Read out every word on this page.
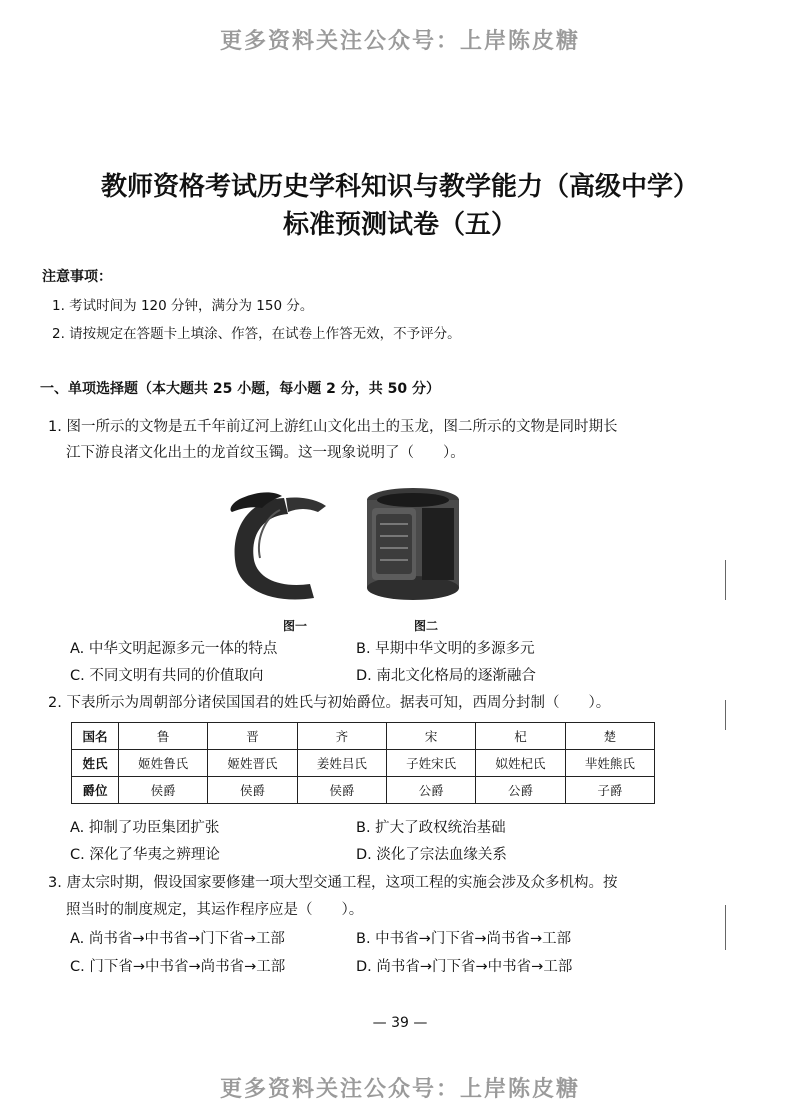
更多资料关注公众号：上岸陈皮糖
教师资格考试历史学科知识与教学能力（高级中学）
标准预测试卷（五）
注意事项：
1. 考试时间为 120 分钟，满分为 150 分。
2. 请按规定在答题卡上填涂、作答，在试卷上作答无效，不予评分。
一、单项选择题（本大题共 25 小题，每小题 2 分，共 50 分）
1. 图一所示的文物是五千年前辽河上游红山文化出土的玉龙，图二所示的文物是同时期长
江下游良渚文化出土的龙首纹玉镯。这一现象说明了（　　）。
图一	图二
A. 中华文明起源多元一体的特点	B. 早期中华文明的多源多元
C. 不同文明有共同的价值取向	D. 南北文化格局的逐渐融合
2. 下表所示为周朝部分诸侯国国君的姓氏与初始爵位。据表可知，西周分封制（　　）。
国名	鲁	晋	齐	宋	杞	楚
姓氏	姬姓鲁氏	姬姓晋氏	姜姓吕氏	子姓宋氏	姒姓杞氏	芈姓熊氏
爵位	侯爵	侯爵	侯爵	公爵	公爵	子爵
A. 抑制了功臣集团扩张	B. 扩大了政权统治基础
C. 深化了华夷之辨理论	D. 淡化了宗法血缘关系
3. 唐太宗时期，假设国家要修建一项大型交通工程，这项工程的实施会涉及众多机构。按
照当时的制度规定，其运作程序应是（　　）。
A. 尚书省→中书省→门下省→工部	B. 中书省→门下省→尚书省→工部
C. 门下省→中书省→尚书省→工部	D. 尚书省→门下省→中书省→工部
— 39 —
更多资料关注公众号：上岸陈皮糖
